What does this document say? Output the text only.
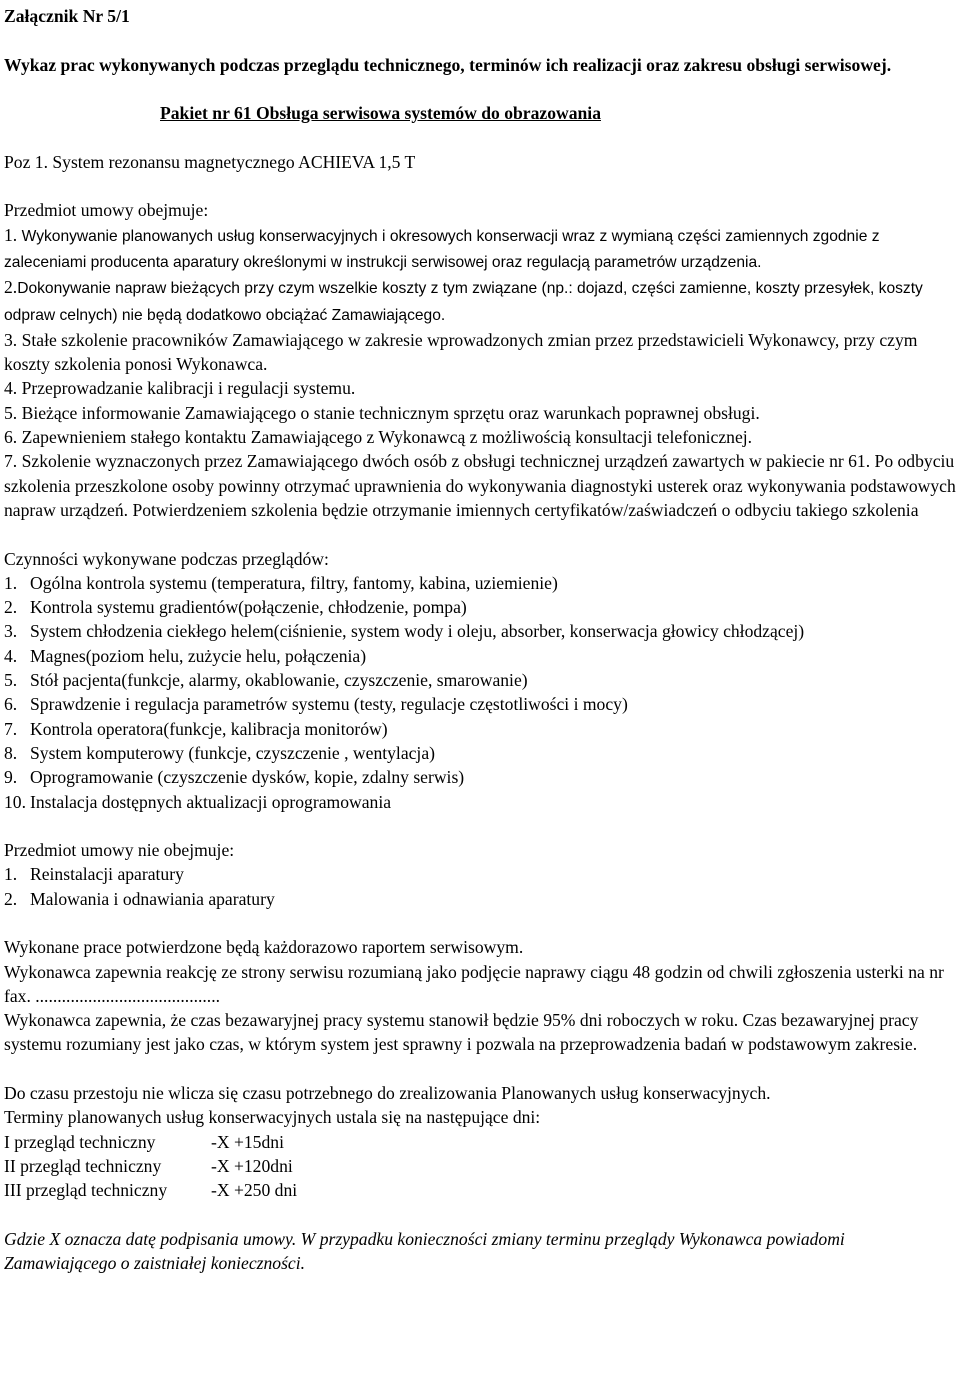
Załącznik Nr 5/1

Wykaz prac wykonywanych podczas przeglądu technicznego, terminów ich realizacji oraz zakresu obsługi serwisowej.

Pakiet nr 61 Obsługa serwisowa systemów do obrazowania

Poz 1. System rezonansu magnetycznego ACHIEVA 1,5 T

Przedmiot umowy obejmuje:

1. Wykonywanie planowanych usług konserwacyjnych i okresowych konserwacji wraz z wymianą części zamiennych zgodnie z zaleceniami producenta aparatury określonymi w instrukcji serwisowej oraz regulacją parametrów urządzenia.

2.Dokonywanie napraw bieżących przy czym wszelkie koszty z tym związane (np.: dojazd, części zamienne, koszty przesyłek, koszty odpraw celnych) nie będą dodatkowo obciążać Zamawiającego.

3. Stałe szkolenie pracowników Zamawiającego w zakresie wprowadzonych zmian przez przedstawicieli Wykonawcy, przy czym koszty szkolenia ponosi Wykonawca.

4. Przeprowadzanie kalibracji i regulacji systemu.

5. Bieżące informowanie Zamawiającego o stanie technicznym sprzętu oraz warunkach poprawnej obsługi.

6. Zapewnieniem stałego kontaktu Zamawiającego z Wykonawcą z możliwością konsultacji telefonicznej.

7. Szkolenie wyznaczonych przez Zamawiającego dwóch osób z obsługi technicznej urządzeń zawartych w pakiecie nr 61. Po odbyciu szkolenia przeszkolone osoby powinny otrzymać uprawnienia do wykonywania diagnostyki usterek oraz wykonywania podstawowych napraw urządzeń. Potwierdzeniem szkolenia będzie otrzymanie imiennych certyfikatów/zaświadczeń o odbyciu takiego szkolenia

Czynności wykonywane podczas przeglądów:

1. Ogólna kontrola systemu (temperatura, filtry, fantomy, kabina, uziemienie)

2. Kontrola systemu gradientów(połączenie, chłodzenie, pompa)

3. System chłodzenia ciekłego helem(ciśnienie, system wody i oleju, absorber, konserwacja głowicy chłodzącej)

4. Magnes(poziom helu, zużycie helu, połączenia)

5. Stół pacjenta(funkcje, alarmy, okablowanie, czyszczenie, smarowanie)

6. Sprawdzenie i regulacja parametrów systemu (testy, regulacje częstotliwości i mocy)

7. Kontrola operatora(funkcje, kalibracja monitorów)

8. System komputerowy (funkcje, czyszczenie , wentylacja)

9. Oprogramowanie (czyszczenie dysków, kopie, zdalny serwis)

10. Instalacja dostępnych aktualizacji oprogramowania

Przedmiot umowy nie obejmuje:

1. Reinstalacji aparatury

2. Malowania i odnawiania aparatury

Wykonane prace potwierdzone będą każdorazowo raportem serwisowym.

Wykonawca zapewnia reakcję ze strony serwisu rozumianą jako podjęcie naprawy ciągu 48 godzin od chwili zgłoszenia usterki na nr fax. ..........................................

Wykonawca zapewnia, że czas bezawaryjnej pracy systemu stanowił będzie 95% dni roboczych w roku. Czas bezawaryjnej pracy systemu rozumiany jest jako czas, w którym system jest sprawny i pozwala na przeprowadzenia badań w podstawowym zakresie.

Do czasu przestoju nie wlicza się czasu potrzebnego do zrealizowania Planowanych usług konserwacyjnych.

Terminy planowanych usług konserwacyjnych ustala się na następujące dni:

I przegląd techniczny	-X +15dni
II przegląd techniczny	-X +120dni
III przegląd techniczny	-X +250 dni

Gdzie X oznacza datę podpisania umowy. W przypadku konieczności zmiany terminu przeglądy Wykonawca powiadomi Zamawiającego o zaistniałej konieczności.
